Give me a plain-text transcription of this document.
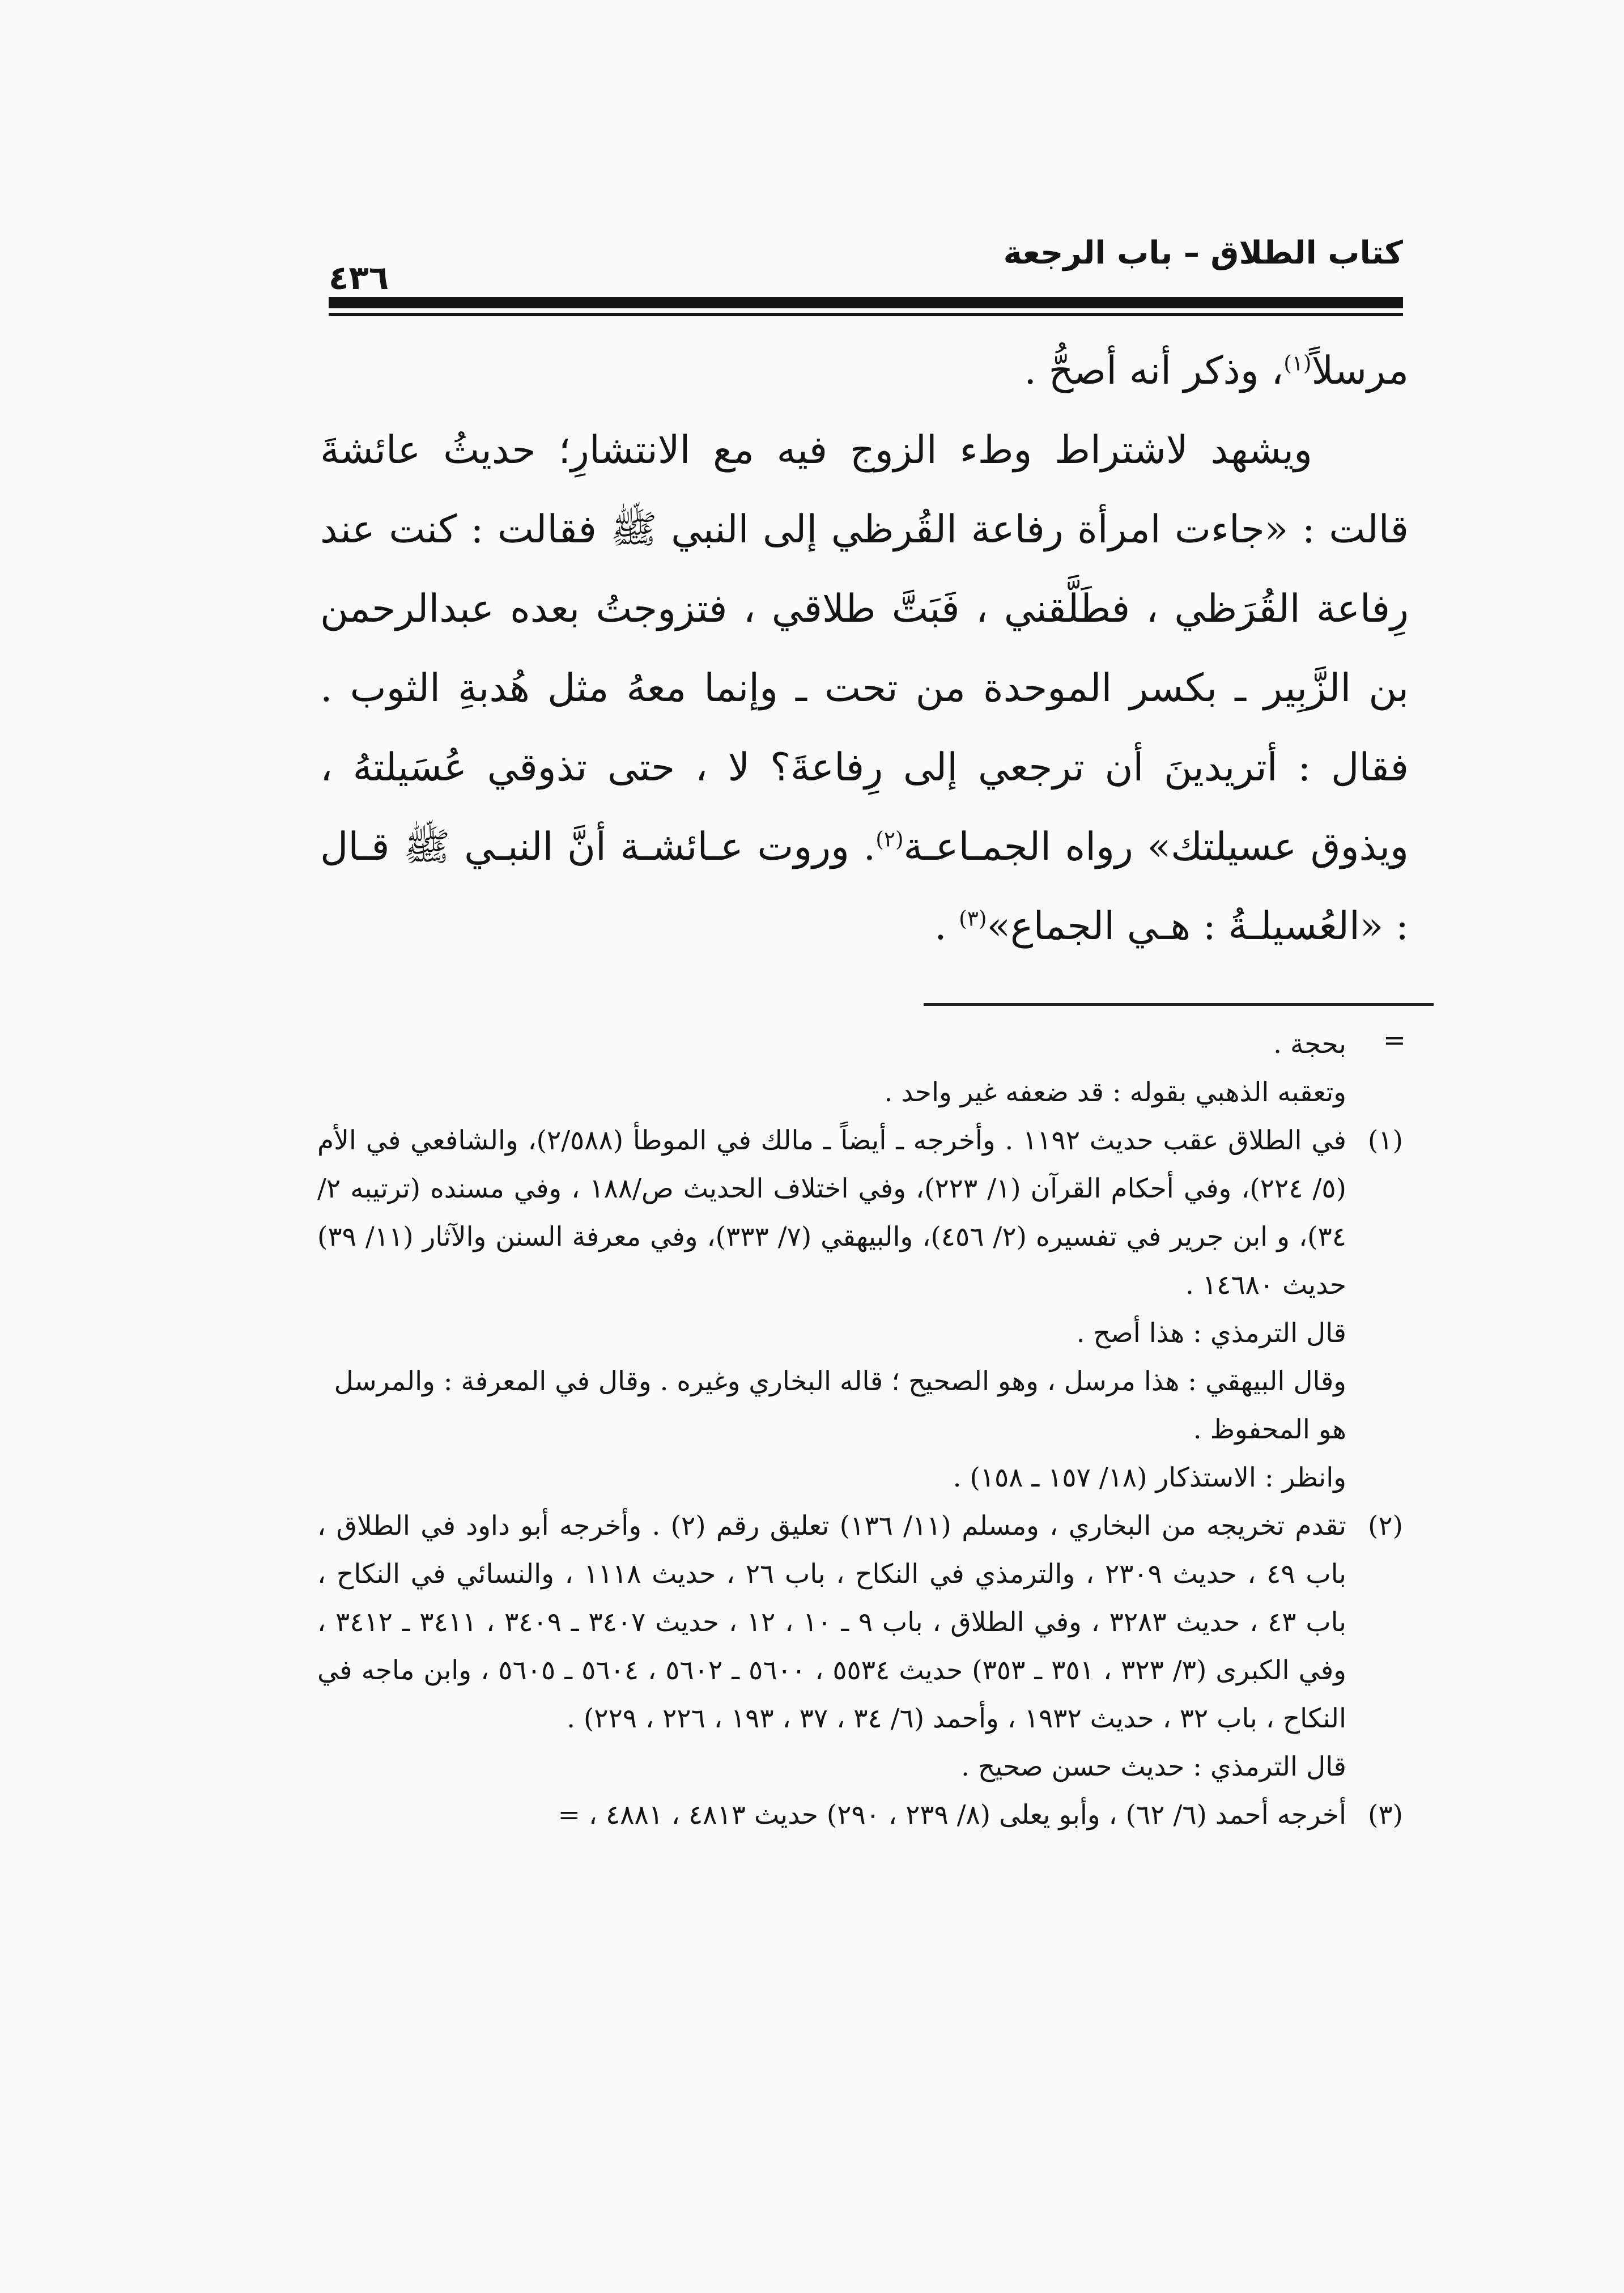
كتاب الطلاق – باب الرجعة
٤٣٦

مرسلاً$^{(١)}$، وذكر أنه أصحُّ .

ويشهد لاشتراط وطء الزوج فيه مع الانتشارِ؛ حديثُ عائشةَ قالت : «جاءت امرأة رفاعة القُرظي إلى النبي ﷺ فقالت : كنت عند رِفاعة القُرَظي ، فطَلَّقني ، فَبَتَّ طلاقي ، فتزوجتُ بعده عبدالرحمن بن الزَّبِير ـ بكسر الموحدة من تحت ـ وإنما معهُ مثل هُدبةِ الثوب . فقال : أتريدينَ أن ترجعي إلى رِفاعةَ؟ لا ، حتى تذوقي عُسَيلتهُ ، ويذوق عسيلتك» رواه الجمـاعـة$^{(٢)}$. وروت عـائشـة أنَّ النبـي ﷺ قـال : «العُسيلـةُ : هـي الجماع»$^{(٣)}$ .

=

بحجة .

وتعقبه الذهبي بقوله : قد ضعفه غير واحد .

(١)في الطلاق عقب حديث ١١٩٢ . وأخرجه ـ أيضاً ـ مالك في الموطأ (٢/٥٨٨)، والشافعي في الأم (٥/ ٢٢٤)، وفي أحكام القرآن (١/ ٢٢٣)، وفي اختلاف الحديث ص/١٨٨ ، وفي مسنده (ترتيبه ٢/ ٣٤)، و ابن جرير في تفسيره (٢/ ٤٥٦)، والبيهقي (٧/ ٣٣٣)، وفي معرفة السنن والآثار (١١/ ٣٩) حديث ١٤٦٨٠ .

قال الترمذي : هذا أصح .

وقال البيهقي : هذا مرسل ، وهو الصحيح ؛ قاله البخاري وغيره . وقال في المعرفة : والمرسل هو المحفوظ .

وانظر : الاستذكار (١٨/ ١٥٧ ـ ١٥٨) .

(٢)تقدم تخريجه من البخاري ، ومسلم (١١/ ١٣٦) تعليق رقم (٢) . وأخرجه أبو داود في الطلاق ، باب ٤٩ ، حديث ٢٣٠٩ ، والترمذي في النكاح ، باب ٢٦ ، حديث ١١١٨ ، والنسائي في النكاح ، باب ٤٣ ، حديث ٣٢٨٣ ، وفي الطلاق ، باب ٩ ـ ١٠ ، ١٢ ، حديث ٣٤٠٧ ـ ٣٤٠٩ ، ٣٤١١ ـ ٣٤١٢ ، وفي الكبرى (٣/ ٣٢٣ ، ٣٥١ ـ ٣٥٣) حديث ٥٥٣٤ ، ٥٦٠٠ ـ ٥٦٠٢ ، ٥٦٠٤ ـ ٥٦٠٥ ، وابن ماجه في النكاح ، باب ٣٢ ، حديث ١٩٣٢ ، وأحمد (٦/ ٣٤ ، ٣٧ ، ١٩٣ ، ٢٢٦ ، ٢٢٩) .

قال الترمذي : حديث حسن صحيح .

(٣)أخرجه أحمد (٦/ ٦٢) ، وأبو يعلى (٨/ ٢٣٩ ، ٢٩٠) حديث ٤٨١٣ ، ٤٨٨١ ، =
